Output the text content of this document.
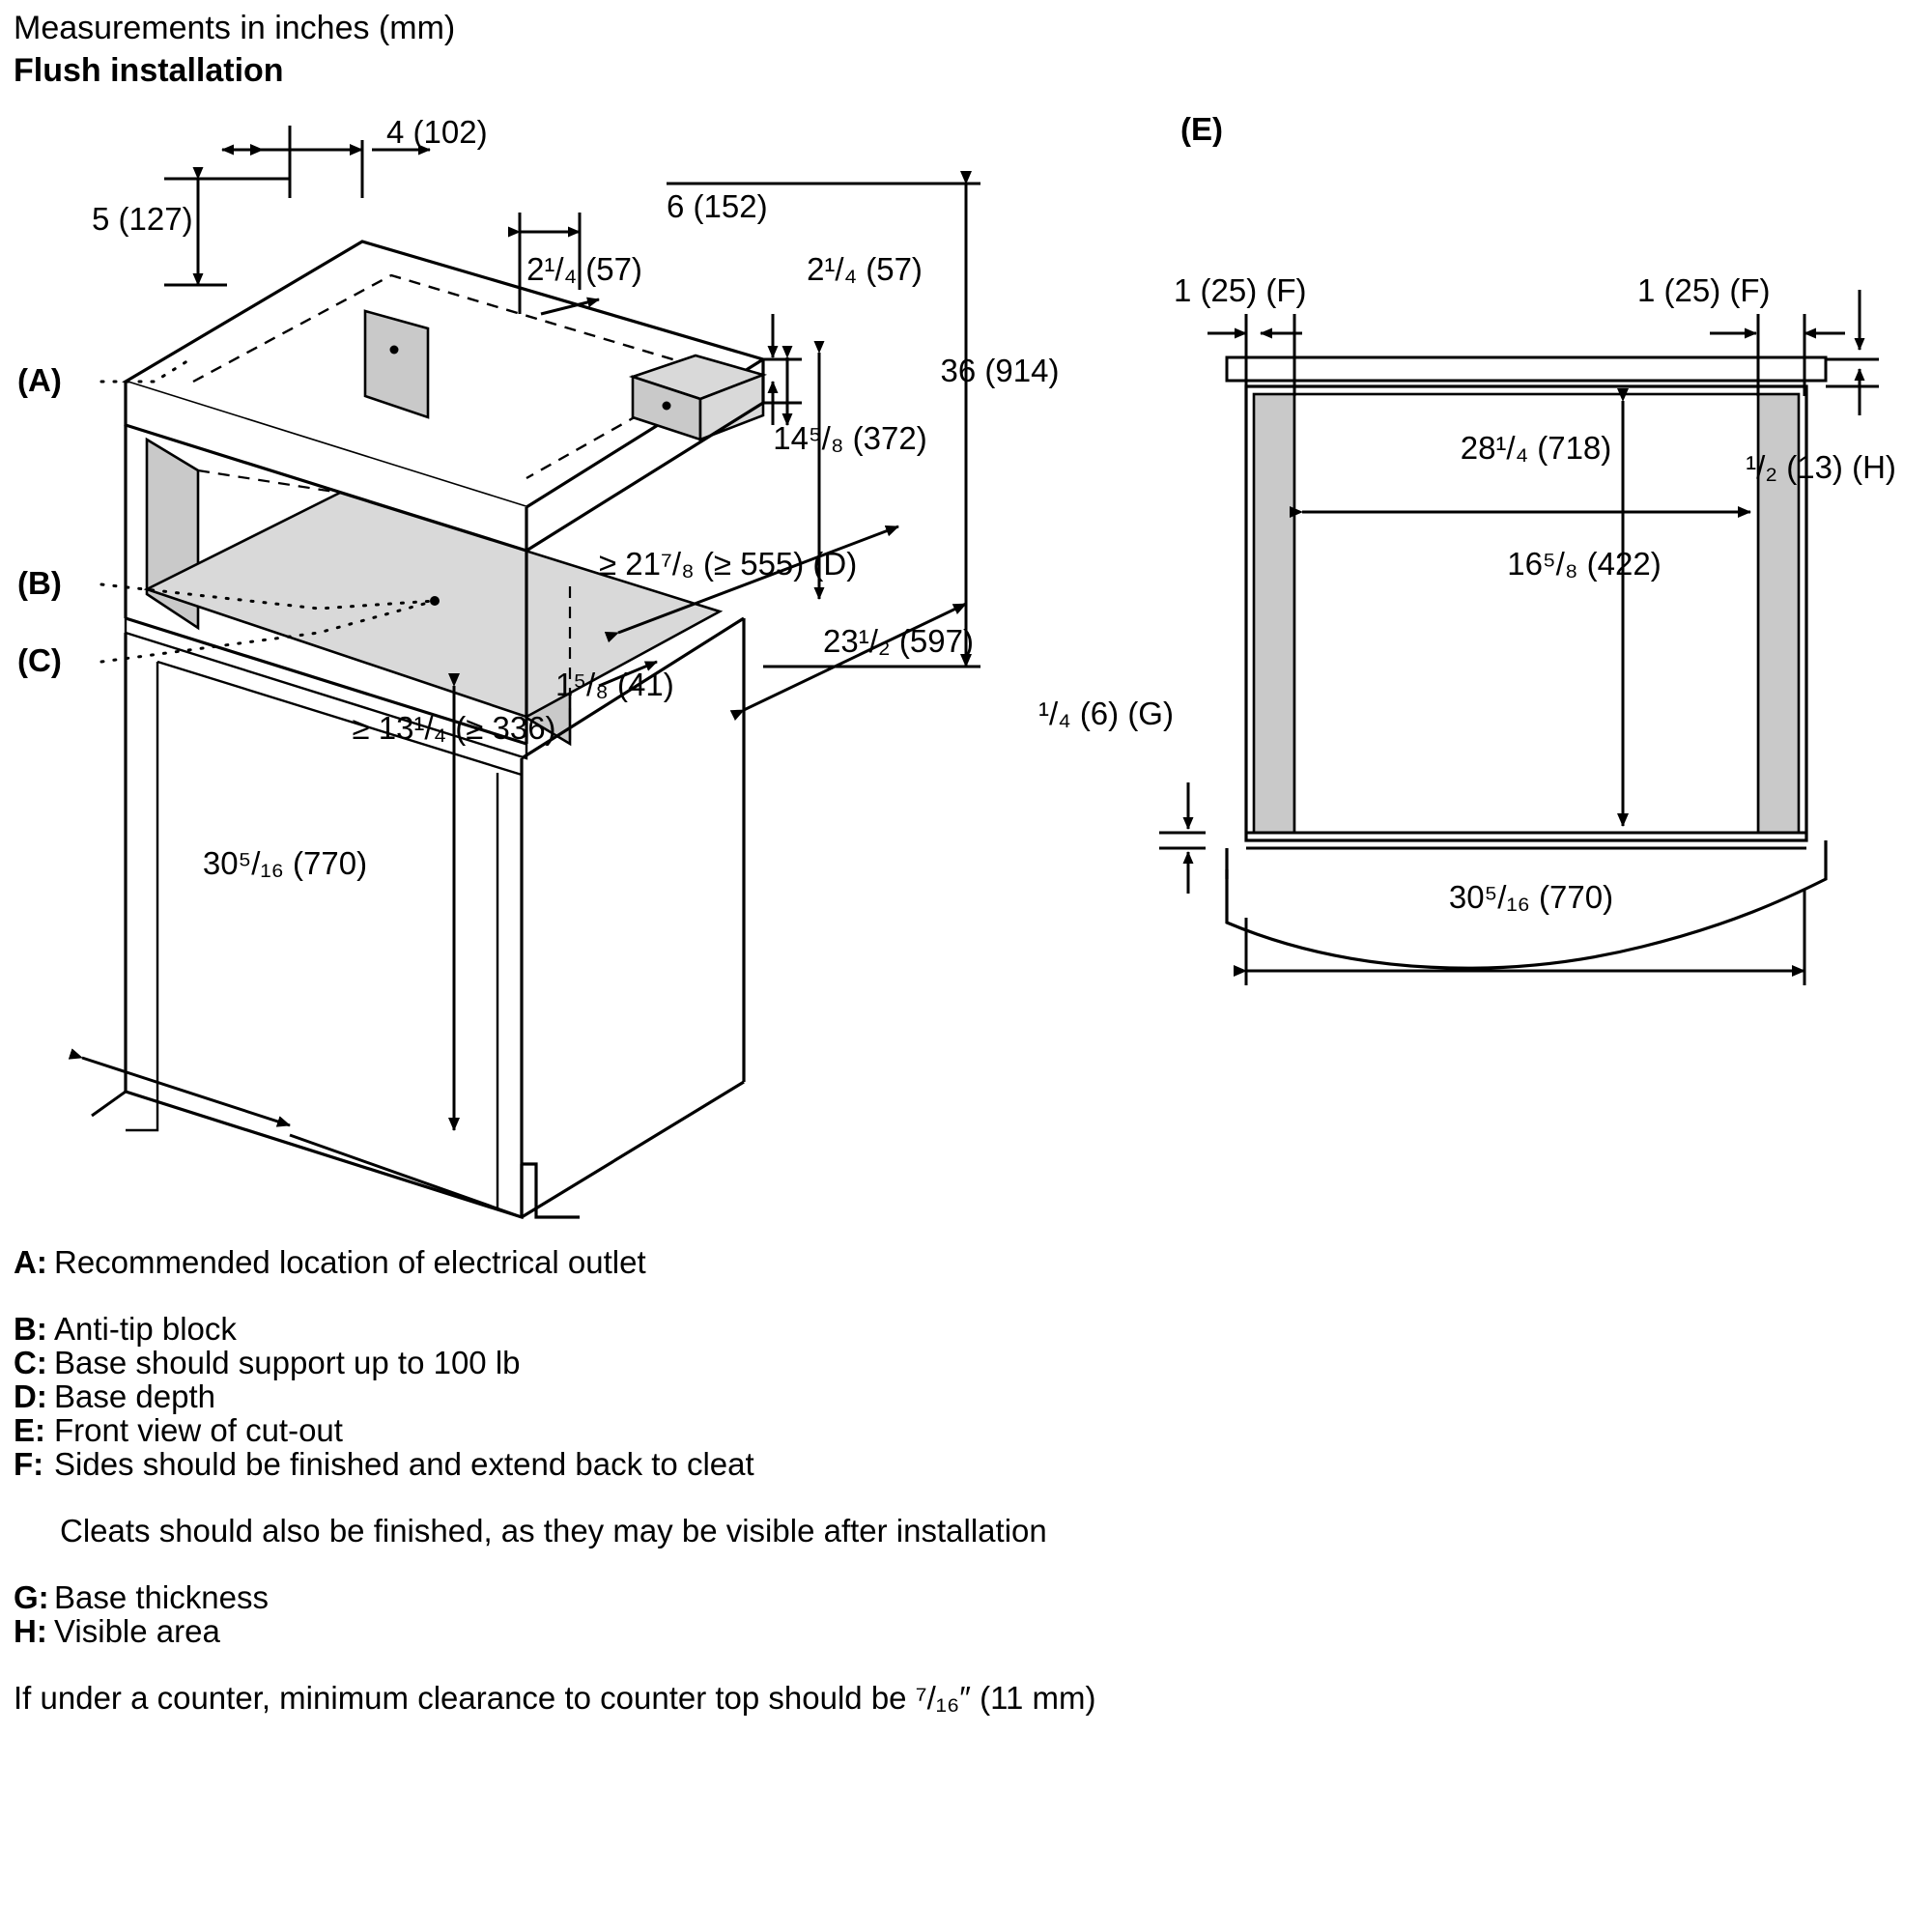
Measurements in inches (mm)
Flush installation
4 (102)
5 (127)	6 (152)
2¹/₄ (57)	2¹/₄ (57)
36 (914)
14⁵/₈ (372)
≥ 21⁷/₈ (≥ 555) (D)
23¹/₂ (597)
1⁵/₈ (41)
≥ 13¹/₄ (≥ 336)
30⁵/₁₆ (770)
(A)
(B)
(C)
(E)
1 (25) (F)	1 (25) (F)
28¹/₄ (718)
16⁵/₈ (422)
¹/₂ (13) (H)
¹/₄ (6) (G)
30⁵/₁₆ (770)
A: Recommended location of electrical outlet
B: Anti-tip block
C: Base should support up to 100 lb
D: Base depth
E: Front view of cut-out
F: Sides should be finished and extend back to cleat
Cleats should also be finished, as they may be visible after installation
G: Base thickness
H: Visible area
If under a counter, minimum clearance to counter top should be ⁷/₁₆″ (11 mm)
